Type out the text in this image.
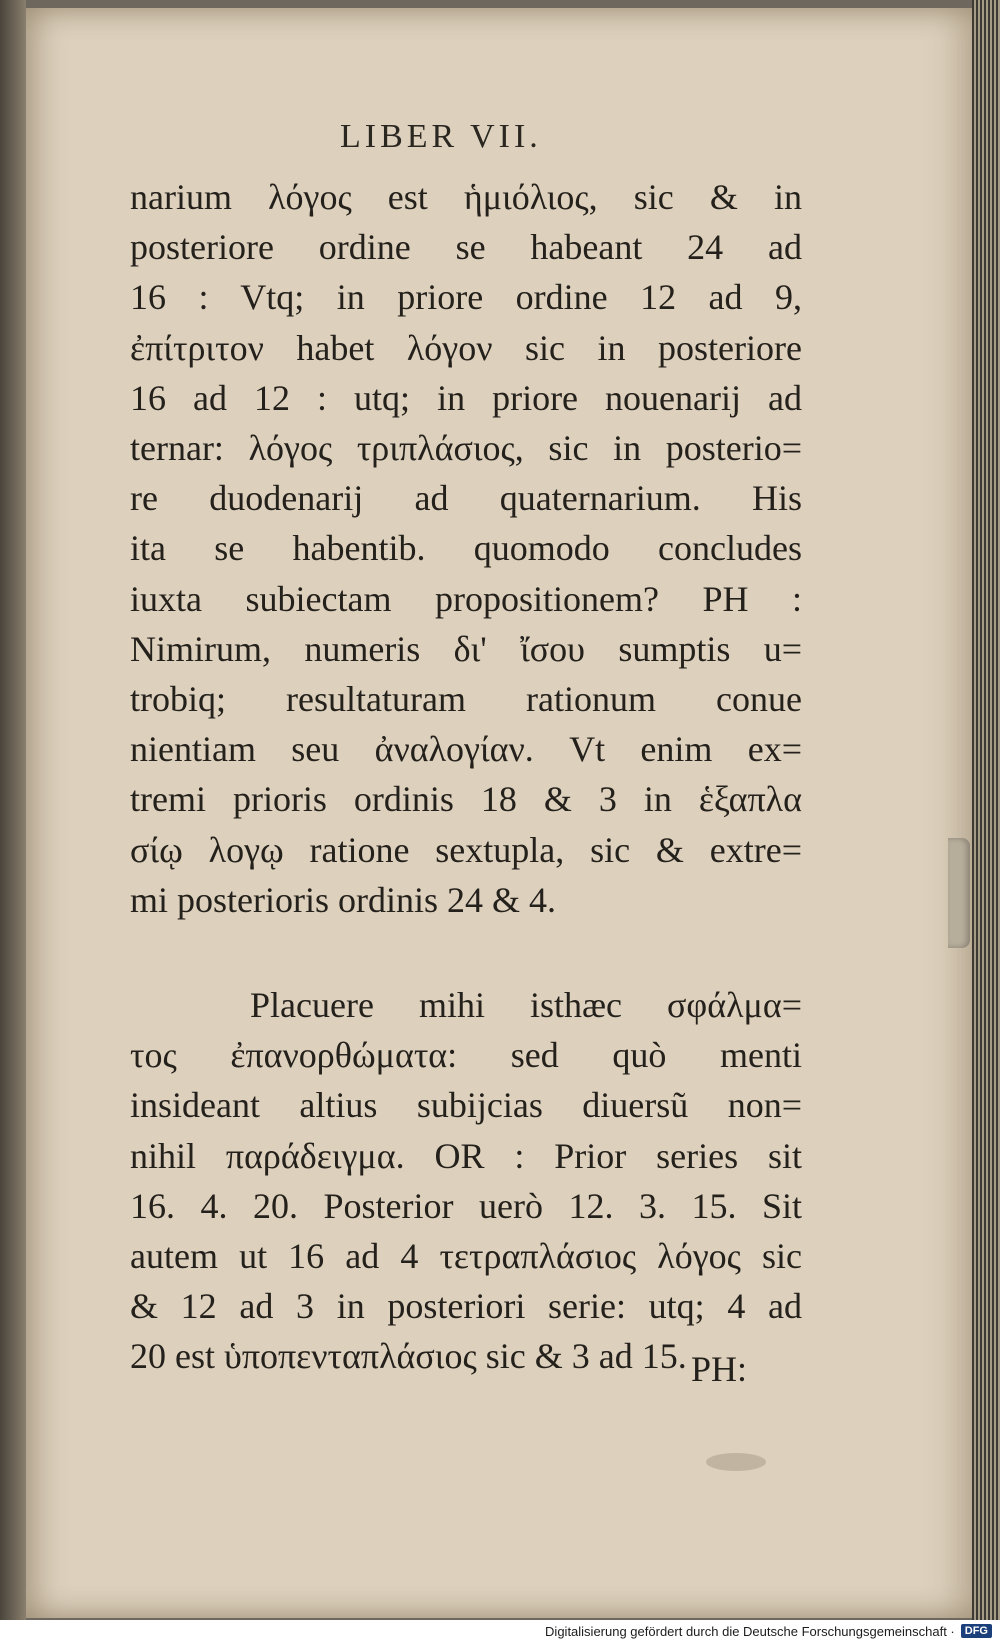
LIBER VII.
narium λόγος est ἡμιόλιος, sic & in
posteriore ordine se habeant 24 ad
16 : Vtq; in priore ordine 12 ad 9,
ἐπίτριτον habet λόγον sic in posteriore
16 ad 12 : utq; in priore nouenarij ad
ternar: λόγος τριπλάσιος, sic in posterio=
re duodenarij ad quaternarium. His
ita se habentib. quomodo concludes
iuxta subiectam propositionem? PH :
Nimirum, numeris δι' ἴσου sumptis u=
trobiq; resultaturam rationum conue
nientiam seu ἀναλογίαν. Vt enim ex=
tremi prioris ordinis 18 & 3 in ἑξαπλα
σίῳ λογῳ ratione sextupla, sic & extre=
mi posterioris ordinis 24 & 4.
Placuere mihi isthæc σφάλμα=
τος ἐπανορθώματα: sed quò menti
insideant altius subijcias diuersũ non=
nihil παράδειγμα. OR : Prior series sit
16. 4. 20. Posterior uerò 12. 3. 15. Sit
autem ut 16 ad 4 τετραπλάσιος λόγος sic
& 12 ad 3 in posteriori serie: utq; 4 ad
20 est ὑποπενταπλάσιος sic & 3 ad 15. PH:
Digitalisierung gefördert durch die Deutsche Forschungsgemeinschaft · DFG
